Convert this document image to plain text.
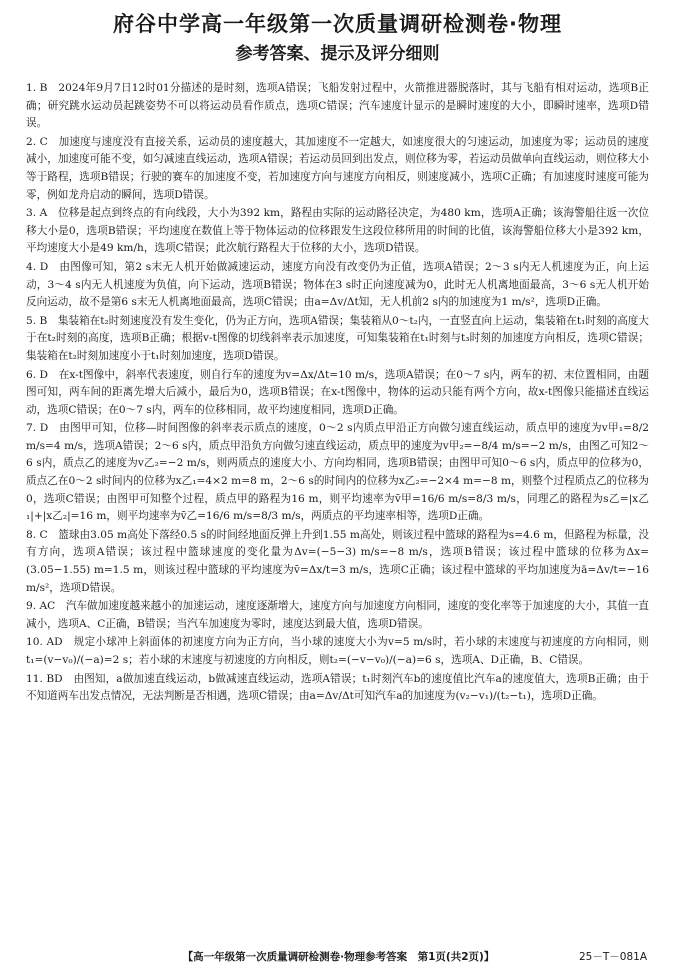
府谷中学高一年级第一次质量调研检测卷·物理
参考答案、提示及评分细则

1. B　2024年9月7日12时01分描述的是时刻，选项A错误；飞船发射过程中，火箭推进器脱落时，其与飞船有相对运动，选项B正确；研究跳水运动员起跳姿势不可以将运动员看作质点，选项C错误；汽车速度计显示的是瞬时速度的大小，即瞬时速率，选项D错误。

2. C　加速度与速度没有直接关系，运动员的速度越大，其加速度不一定越大，如速度很大的匀速运动，加速度为零；运动员的速度减小，加速度可能不变，如匀减速直线运动，选项A错误；若运动员回到出发点，则位移为零，若运动员做单向直线运动，则位移大小等于路程，选项B错误；行驶的赛车的加速度不变，若加速度方向与速度方向相反，则速度减小，选项C正确；有加速度时速度可能为零，例如龙舟启动的瞬间，选项D错误。

3. A　位移是起点到终点的有向线段，大小为392 km，路程由实际的运动路径决定，为480 km，选项A正确；该海警船往返一次位移大小是0，选项B错误；平均速度在数值上等于物体运动的位移跟发生这段位移所用的时间的比值，该海警船位移大小是392 km，平均速度大小是49 km/h，选项C错误；此次航行路程大于位移的大小，选项D错误。

4. D　由图像可知，第2 s末无人机开始做减速运动，速度方向没有改变仍为正值，选项A错误；2～3 s内无人机速度为正，向上运动，3～4 s内无人机速度为负值，向下运动，选项B错误；物体在3 s时正向速度减为0，此时无人机离地面最高，3～6 s无人机开始反向运动，故不是第6 s末无人机离地面最高，选项C错误；由a=Δv/Δt知，无人机前2 s内的加速度为1 m/s²，选项D正确。

5. B　集装箱在t₂时刻速度没有发生变化，仍为正方向，选项A错误；集装箱从0～t₂内，一直竖直向上运动，集装箱在t₁时刻的高度大于在t₂时刻的高度，选项B正确；根据v-t图像的切线斜率表示加速度，可知集装箱在t₁时刻与t₃时刻的加速度方向相反，选项C错误；集装箱在t₂时刻加速度小于t₁时刻加速度，选项D错误。

6. D　在x-t图像中，斜率代表速度，则自行车的速度为v=Δx/Δt=10 m/s，选项A错误；在0～7 s内，两车的初、末位置相同，由题图可知，两车间的距离先增大后减小，最后为0，选项B错误；在x-t图像中，物体的运动只能有两个方向，故x-t图像只能描述直线运动，选项C错误；在0～7 s内，两车的位移相同，故平均速度相同，选项D正确。

7. D　由图甲可知，位移—时间图像的斜率表示质点的速度，0～2 s内质点甲沿正方向做匀速直线运动，质点甲的速度为v甲₁=8/2 m/s=4 m/s，选项A错误；2～6 s内，质点甲沿负方向做匀速直线运动，质点甲的速度为v甲₂=−8/4 m/s=−2 m/s，由图乙可知2～6 s内，质点乙的速度为v乙₂=−2 m/s，则两质点的速度大小、方向均相同，选项B错误；由图甲可知0～6 s内，质点甲的位移为0，质点乙在0～2 s时间内的位移为x乙₁=4×2 m=8 m，2～6 s的时间内的位移为x乙₂=−2×4 m=−8 m，则整个过程质点乙的位移为0，选项C错误；由图甲可知整个过程，质点甲的路程为16 m，则平均速率为v̄甲=16/6 m/s=8/3 m/s，同理乙的路程为s乙=|x乙₁|+|x乙₂|=16 m，则平均速率为v̄乙=16/6 m/s=8/3 m/s，两质点的平均速率相等，选项D正确。

8. C　篮球由3.05 m高处下落经0.5 s的时间经地面反弹上升到1.55 m高处，则该过程中篮球的路程为s=4.6 m，但路程为标量，没有方向，选项A错误；该过程中篮球速度的变化量为Δv=(−5−3) m/s=−8 m/s，选项B错误；该过程中篮球的位移为Δx=(3.05−1.55) m=1.5 m，则该过程中篮球的平均速度为v̄=Δx/t=3 m/s，选项C正确；该过程中篮球的平均加速度为ā=Δv/t=−16 m/s²，选项D错误。

9. AC　汽车做加速度越来越小的加速运动，速度逐渐增大，速度方向与加速度方向相同，速度的变化率等于加速度的大小，其值一直减小，选项A、C正确，B错误；当汽车加速度为零时，速度达到最大值，选项D错误。

10. AD　规定小球冲上斜面体的初速度方向为正方向，当小球的速度大小为v=5 m/s时，若小球的末速度与初速度的方向相同，则t₁=(v−v₀)/(−a)=2 s；若小球的末速度与初速度的方向相反，则t₂=(−v−v₀)/(−a)=6 s，选项A、D正确，B、C错误。

11. BD　由图知，a做加速直线运动，b做减速直线运动，选项A错误；t₁时刻汽车b的速度值比汽车a的速度值大，选项B正确；由于不知道两车出发点情况，无法判断是否相遇，选项C错误；由a=Δv/Δt可知汽车a的加速度为(v₂−v₁)/(t₂−t₁)，选项D正确。

【高一年级第一次质量调研检测卷·物理参考答案　第1页(共2页)】	25－T－081A
